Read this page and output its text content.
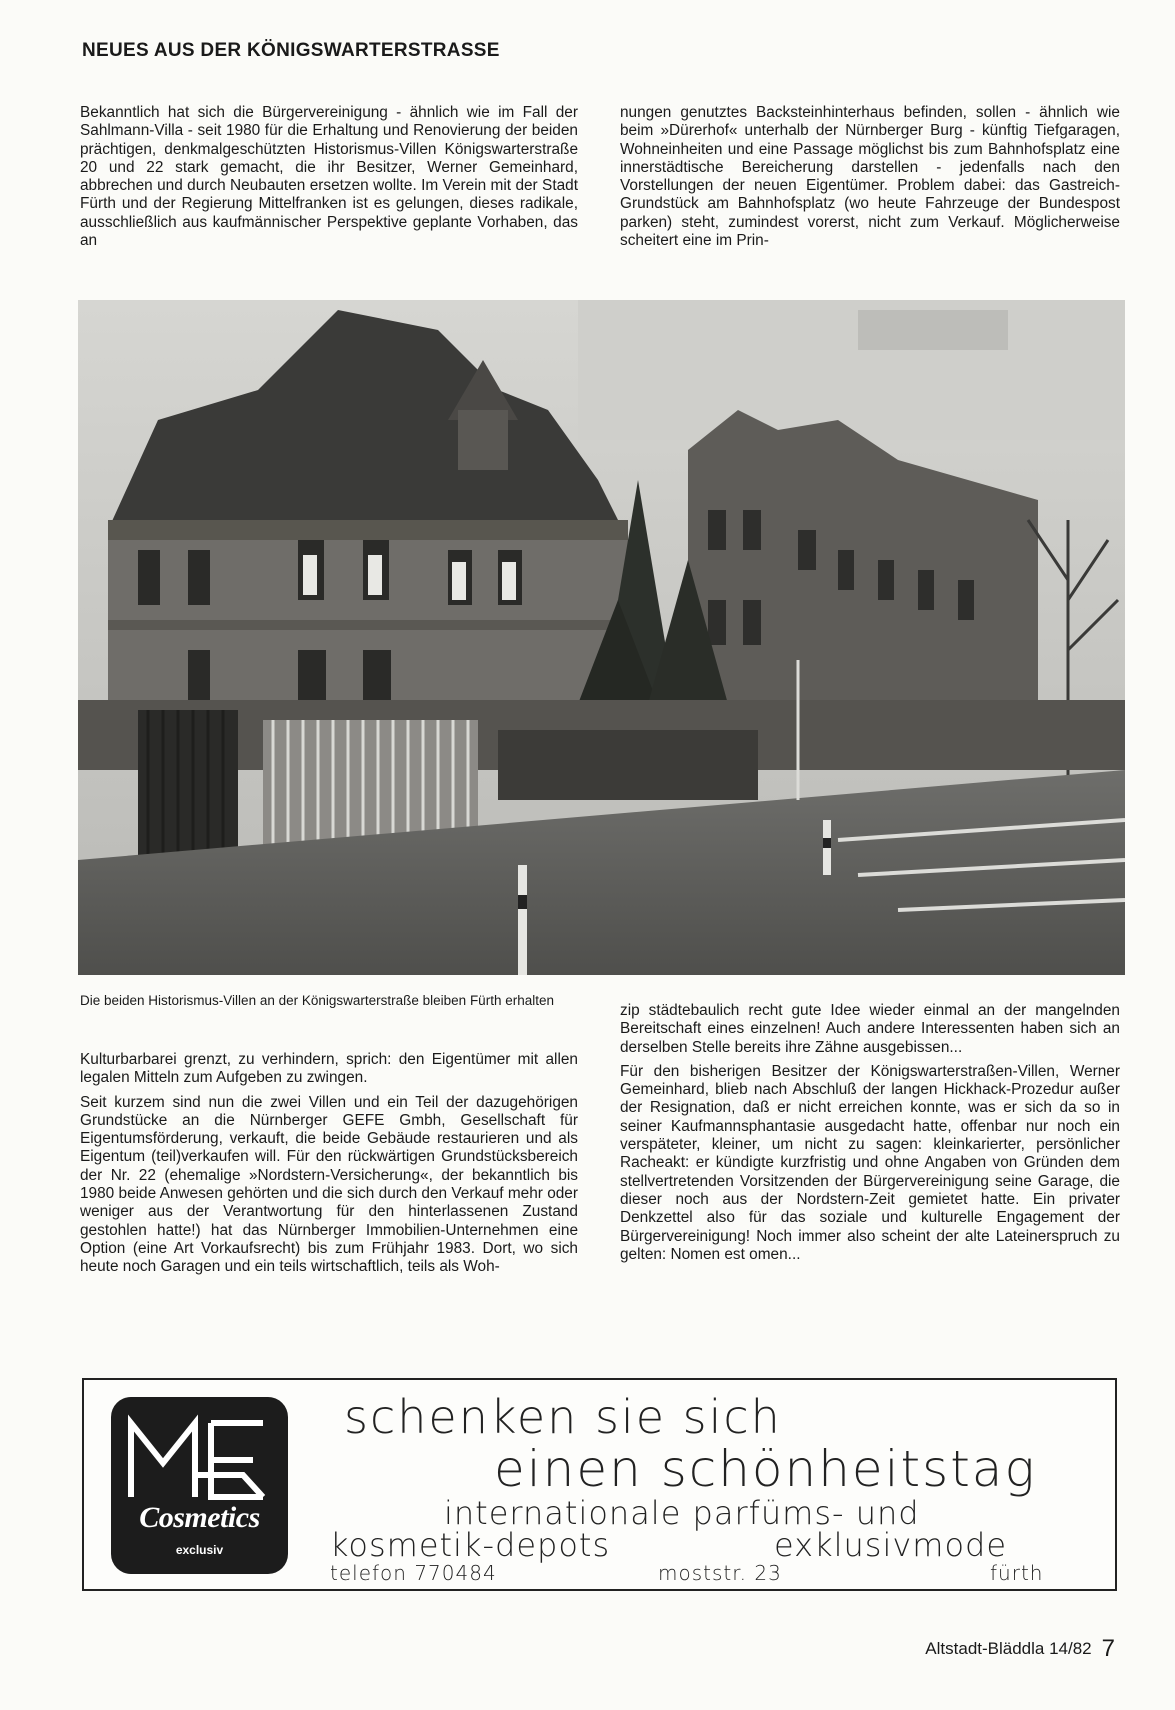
NEUES AUS DER KÖNIGSWARTERSTRASSE

Bekanntlich hat sich die Bürgervereinigung - ähnlich wie im Fall der Sahlmann-Villa - seit 1980 für die Erhaltung und Renovierung der beiden prächtigen, denkmalgeschützten Historismus-Villen Königswarterstraße 20 und 22 stark gemacht, die ihr Besitzer, Werner Gemeinhard, abbrechen und durch Neubauten ersetzen wollte. Im Verein mit der Stadt Fürth und der Regierung Mittelfranken ist es gelungen, dieses radikale, ausschließlich aus kaufmännischer Perspektive geplante Vorhaben, das an

nungen genutztes Backsteinhinterhaus befinden, sollen - ähnlich wie beim »Dürerhof« unterhalb der Nürnberger Burg - künftig Tiefgaragen, Wohneinheiten und eine Passage möglichst bis zum Bahnhofsplatz eine innerstädtische Bereicherung darstellen - jedenfalls nach den Vorstellungen der neuen Eigentümer. Problem dabei: das Gastreich-Grundstück am Bahnhofsplatz (wo heute Fahrzeuge der Bundespost parken) steht, zumindest vorerst, nicht zum Verkauf. Möglicherweise scheitert eine im Prin-

Die beiden Historismus-Villen an der Königswarterstraße bleiben Fürth erhalten

Kulturbarbarei grenzt, zu verhindern, sprich: den Eigentümer mit allen legalen Mitteln zum Aufgeben zu zwingen.

Seit kurzem sind nun die zwei Villen und ein Teil der dazugehörigen Grundstücke an die Nürnberger GEFE Gmbh, Gesellschaft für Eigentumsförderung, verkauft, die beide Gebäude restaurieren und als Eigentum (teil)verkaufen will. Für den rückwärtigen Grundstücksbereich der Nr. 22 (ehemalige »Nordstern-Versicherung«, der bekanntlich bis 1980 beide Anwesen gehörten und die sich durch den Verkauf mehr oder weniger aus der Verantwortung für den hinterlassenen Zustand gestohlen hatte!) hat das Nürnberger Immobilien-Unternehmen eine Option (eine Art Vorkaufsrecht) bis zum Frühjahr 1983. Dort, wo sich heute noch Garagen und ein teils wirtschaftlich, teils als Woh-

zip städtebaulich recht gute Idee wieder einmal an der mangelnden Bereitschaft eines einzelnen! Auch andere Interessenten haben sich an derselben Stelle bereits ihre Zähne ausgebissen...

Für den bisherigen Besitzer der Königswarterstraßen-Villen, Werner Gemeinhard, blieb nach Abschluß der langen Hickhack-Prozedur außer der Resignation, daß er nicht erreichen konnte, was er sich da so in seiner Kaufmannsphantasie ausgedacht hatte, offenbar nur noch ein verspäteter, kleiner, um nicht zu sagen: kleinkarierter, persönlicher Racheakt: er kündigte kurzfristig und ohne Angaben von Gründen dem stellvertretenden Vorsitzenden der Bürgervereinigung seine Garage, die dieser noch aus der Nordstern-Zeit gemietet hatte. Ein privater Denkzettel also für das soziale und kulturelle Engagement der Bürgervereinigung! Noch immer also scheint der alte Lateinerspruch zu gelten: Nomen est omen...

Cosmetics
exclusiv
schenken sie sich
einen schönheitstag
internationale parfüms- und
kosmetik-depots	exklusivmode
telefon 770484	moststr. 23	fürth
Altstadt-Bläddla 14/82 7
